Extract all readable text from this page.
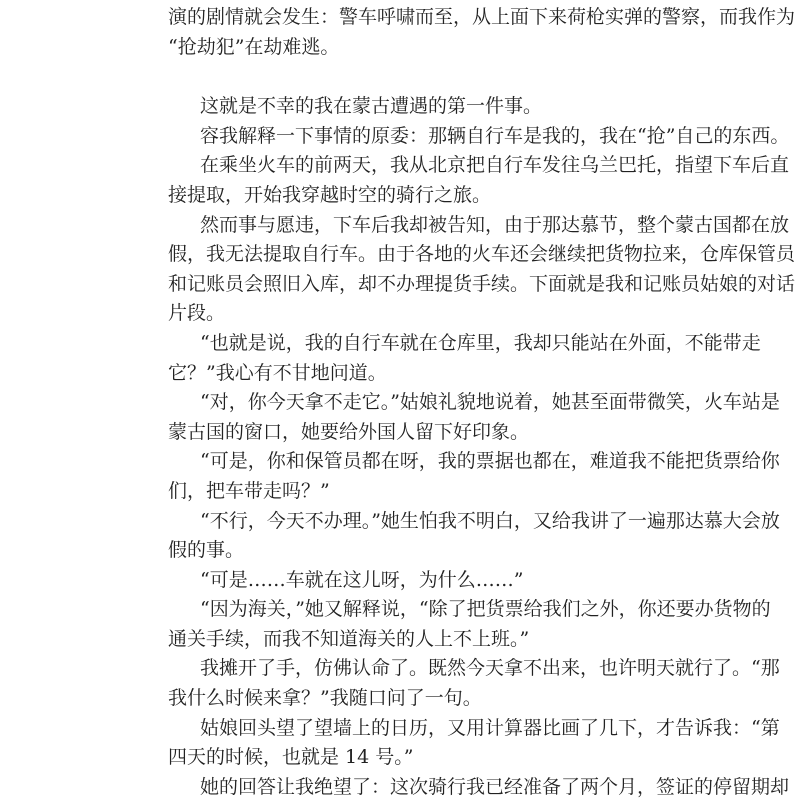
演的剧情就会发生：警车呼啸而至，从上面下来荷枪实弹的警察，而我作为
“抢劫犯”在劫难逃。
这就是不幸的我在蒙古遭遇的第一件事。
容我解释一下事情的原委：那辆自行车是我的，我在“抢”自己的东西。
在乘坐火车的前两天，我从北京把自行车发往乌兰巴托，指望下车后直
接提取，开始我穿越时空的骑行之旅。
然而事与愿违，下车后我却被告知，由于那达慕节，整个蒙古国都在放
假，我无法提取自行车。由于各地的火车还会继续把货物拉来，仓库保管员
和记账员会照旧入库，却不办理提货手续。下面就是我和记账员姑娘的对话
片段。
“也就是说，我的自行车就在仓库里，我却只能站在外面，不能带走
它？”我心有不甘地问道。
“对，你今天拿不走它。”姑娘礼貌地说着，她甚至面带微笑，火车站是
蒙古国的窗口，她要给外国人留下好印象。
“可是，你和保管员都在呀，我的票据也都在，难道我不能把货票给你
们，把车带走吗？”
“不行，今天不办理。”她生怕我不明白，又给我讲了一遍那达慕大会放
假的事。
“可是……车就在这儿呀，为什么……”
“因为海关，”她又解释说，“除了把货票给我们之外，你还要办货物的
通关手续，而我不知道海关的人上不上班。”
我摊开了手，仿佛认命了。既然今天拿不出来，也许明天就行了。“那
我什么时候来拿？”我随口问了一句。
姑娘回头望了望墙上的日历，又用计算器比画了几下，才告诉我：“第
四天的时候，也就是 14 号。”
她的回答让我绝望了：这次骑行我已经准备了两个月，签证的停留期却
